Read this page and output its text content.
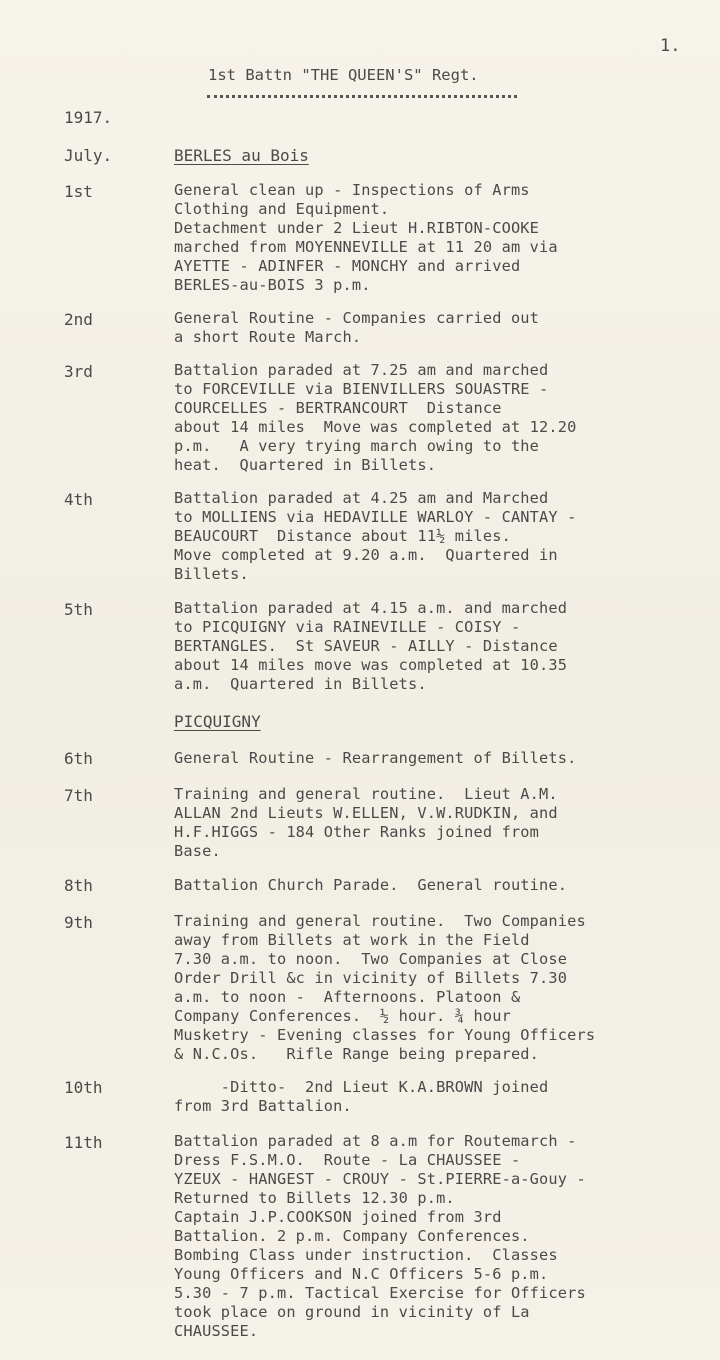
1.
1st Battn "THE QUEEN'S" Regt.
1917.
July.	BERLES au Bois
1st	General clean up - Inspections of Arms
Clothing and Equipment.
Detachment under 2 Lieut H.RIBTON-COOKE
marched from MOYENNEVILLE at 11 20 am via
AYETTE - ADINFER - MONCHY and arrived
BERLES-au-BOIS 3 p.m.
2nd	General Routine - Companies carried out
a short Route March.
3rd	Battalion paraded at 7.25 am and marched
to FORCEVILLE via BIENVILLERS SOUASTRE -
COURCELLES - BERTRANCOURT  Distance
about 14 miles  Move was completed at 12.20
p.m.   A very trying march owing to the
heat.  Quartered in Billets.
4th	Battalion paraded at 4.25 am and Marched
to MOLLIENS via HEDAVILLE WARLOY - CANTAY -
BEAUCOURT  Distance about 11½ miles.
Move completed at 9.20 a.m.  Quartered in
Billets.
5th	Battalion paraded at 4.15 a.m. and marched
to PICQUIGNY via RAINEVILLE - COISY -
BERTANGLES.  St SAVEUR - AILLY - Distance
about 14 miles move was completed at 10.35
a.m.  Quartered in Billets.
PICQUIGNY
6th	General Routine - Rearrangement of Billets.
7th	Training and general routine.  Lieut A.M.
ALLAN 2nd Lieuts W.ELLEN, V.W.RUDKIN, and
H.F.HIGGS - 184 Other Ranks joined from
Base.
8th	Battalion Church Parade.  General routine.
9th	Training and general routine.  Two Companies
away from Billets at work in the Field
7.30 a.m. to noon.  Two Companies at Close
Order Drill &c in vicinity of Billets 7.30
a.m. to noon -  Afternoons. Platoon &
Company Conferences.  ½ hour. ¾ hour
Musketry - Evening classes for Young Officers
& N.C.Os.   Rifle Range being prepared.
10th	-Ditto-  2nd Lieut K.A.BROWN joined
from 3rd Battalion.
11th	Battalion paraded at 8 a.m for Routemarch -
Dress F.S.M.O.  Route - La CHAUSSEE -
YZEUX - HANGEST - CROUY - St.PIERRE-a-Gouy -
Returned to Billets 12.30 p.m.
Captain J.P.COOKSON joined from 3rd
Battalion. 2 p.m. Company Conferences.
Bombing Class under instruction.  Classes
Young Officers and N.C Officers 5-6 p.m.
5.30 - 7 p.m. Tactical Exercise for Officers
took place on ground in vicinity of La
CHAUSSEE.
